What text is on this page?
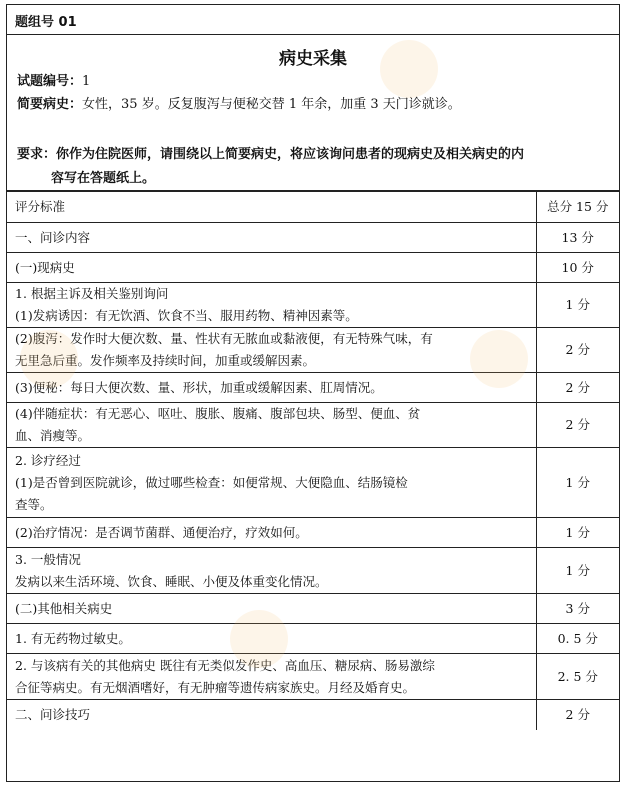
题组号 01
病史采集
试题编号：1
简要病史：女性，35 岁。反复腹泻与便秘交替 1 年余，加重 3 天门诊就诊。
要求：你作为住院医师，请围绕以上简要病史，将应该询问患者的现病史及相关病史的内
容写在答题纸上。
评分标准	总分 15 分

一、问诊内容	13 分

(一)现病史	10 分

1. 根据主诉及相关鉴别询问
(1)发病诱因：有无饮酒、饮食不当、服用药物、精神因素等。	1 分

(2)腹泻：发作时大便次数、量、性状有无脓血或黏液便，有无特殊气味，有
无里急后重。发作频率及持续时间，加重或缓解因素。	2 分

(3)便秘：每日大便次数、量、形状，加重或缓解因素、肛周情况。	2 分

(4)伴随症状：有无恶心、呕吐、腹胀、腹痛、腹部包块、肠型、便血、贫
血、消瘦等。	2 分

2. 诊疗经过
(1)是否曾到医院就诊，做过哪些检查：如便常规、大便隐血、结肠镜检
查等。	1 分

(2)治疗情况：是否调节菌群、通便治疗，疗效如何。	1 分

3. 一般情况
发病以来生活环境、饮食、睡眠、小便及体重变化情况。	1 分

(二)其他相关病史	3 分

1. 有无药物过敏史。	0. 5 分

2. 与该病有关的其他病史 既往有无类似发作史、高血压、糖尿病、肠易激综
合征等病史。有无烟酒嗜好，有无肿瘤等遗传病家族史。月经及婚育史。	2. 5 分

二、问诊技巧	2 分
